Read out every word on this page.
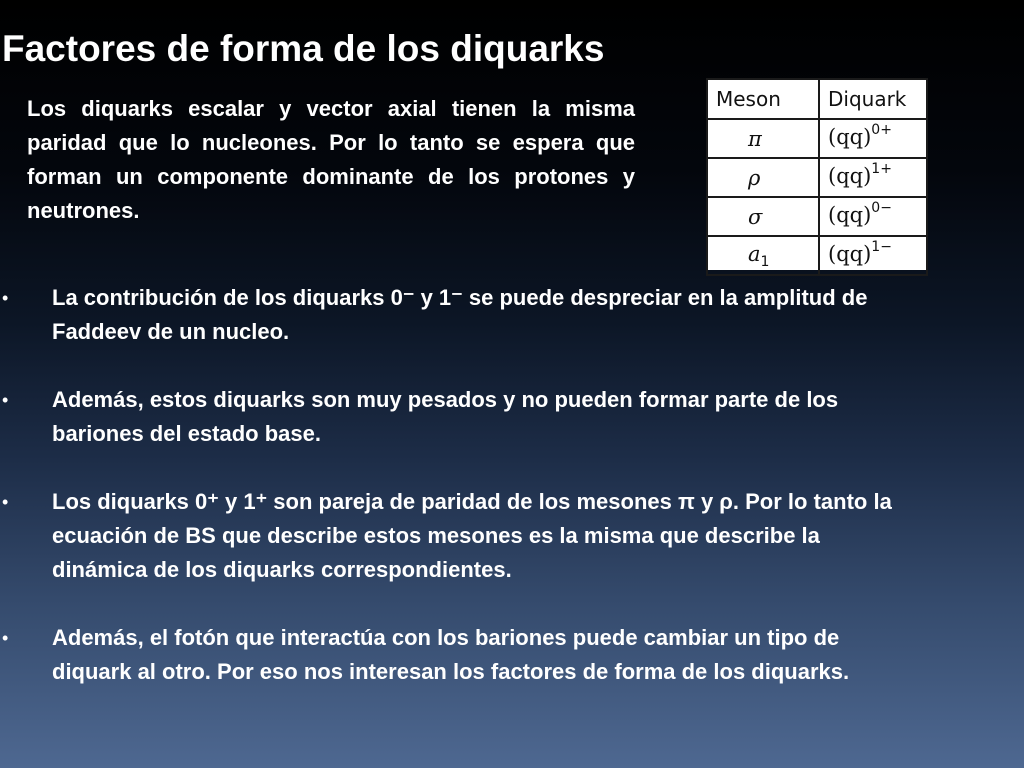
Factores de forma de los diquarks

Los diquarks escalar y vector axial tienen la misma paridad que lo nucleones. Por lo tanto se espera que forman un componente dominante de los protones y neutrones.

Meson	Diquark
π	(qq)$^{0+}$
ρ	(qq)$^{1+}$
σ	(qq)$^{0-}$
$a_1$	(qq)$^{1-}$
• La contribución de los diquarks 0⁻ y 1⁻ se puede despreciar en la amplitud de Faddeev de un nucleo.
• Además, estos diquarks son muy pesados y no pueden formar parte de los bariones del estado base.
• Los diquarks 0⁺ y 1⁺ son pareja de paridad de los mesones π y ρ. Por lo tanto la ecuación de BS que describe estos mesones es la misma que describe la dinámica de los diquarks correspondientes.
• Además, el fotón que interactúa con los bariones puede cambiar un tipo de diquark al otro. Por eso nos interesan los factores de forma de los diquarks.
